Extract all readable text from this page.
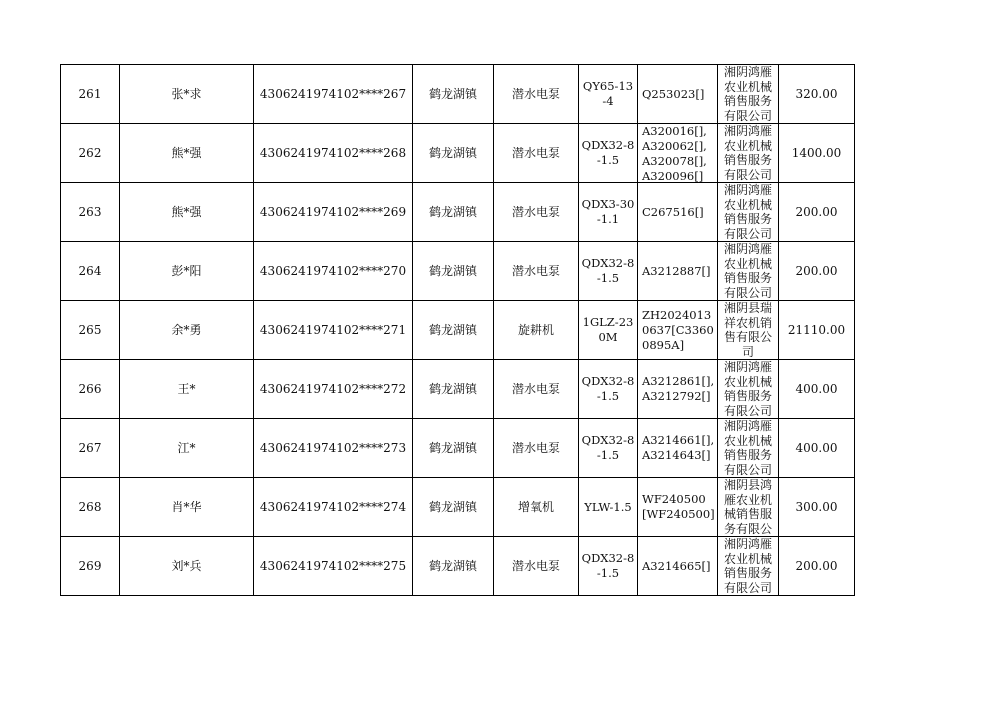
261	张*求	4306241974102****267	鹤龙湖镇	潜水电泵	QY65-13-4	Q253023[]	湘阴鸿雁农业机械销售服务有限公司	320.00
262	熊*强	4306241974102****268	鹤龙湖镇	潜水电泵	QDX32-8-1.5	A320016[],A320062[],A320078[],A320096[]	湘阴鸿雁农业机械销售服务有限公司	1400.00
263	熊*强	4306241974102****269	鹤龙湖镇	潜水电泵	QDX3-30-1.1	C267516[]	湘阴鸿雁农业机械销售服务有限公司	200.00
264	彭*阳	4306241974102****270	鹤龙湖镇	潜水电泵	QDX32-8-1.5	A3212887[]	湘阴鸿雁农业机械销售服务有限公司	200.00
265	余*勇	4306241974102****271	鹤龙湖镇	旋耕机	1GLZ-230M	ZH20240130637[C33600895A]	湘阴县瑞祥农机销售有限公司	21110.00
266	王*	4306241974102****272	鹤龙湖镇	潜水电泵	QDX32-8-1.5	A3212861[],A3212792[]	湘阴鸿雁农业机械销售服务有限公司	400.00
267	江*	4306241974102****273	鹤龙湖镇	潜水电泵	QDX32-8-1.5	A3214661[],A3214643[]	湘阴鸿雁农业机械销售服务有限公司	400.00
268	肖*华	4306241974102****274	鹤龙湖镇	增氧机	YLW-1.5	WF240500[WF240500]	湘阴县鸿雁农业机械销售服务有限公	300.00
269	刘*兵	4306241974102****275	鹤龙湖镇	潜水电泵	QDX32-8-1.5	A3214665[]	湘阴鸿雁农业机械销售服务有限公司	200.00
